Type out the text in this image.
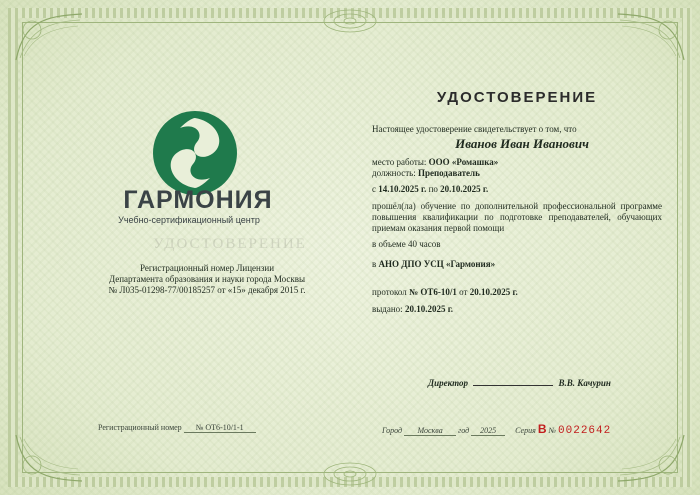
ГАРМОНИЯ
Учебно-сертификационный центр
УДОСТОВЕРЕНИЕ
Регистрационный номер Лицензии
Департамента образования и науки города Москвы
№ Л035-01298-77/00185257 от «15» декабря 2015 г.
Регистрационный номер № ОТ6-10/1-1
УДОСТОВЕРЕНИЕ
Настоящее удостоверение свидетельствует о том, что
Иванов Иван Иванович
место работы: ООО «Ромашка»
должность: Преподаватель
с 14.10.2025 г. по 20.10.2025 г.
прошёл(ла) обучение по дополнительной профессиональной программе повышения квалификации по подготовке преподавателей, обучающих приемам оказания первой помощи
в объеме 40 часов
в АНО ДПО УСЦ «Гармония»
протокол № ОТ6-10/1 от 20.10.2025 г.
выдано: 20.10.2025 г.
Директор	В.В. Качурин
Город Москва год 2025 Серия В № 0022642
